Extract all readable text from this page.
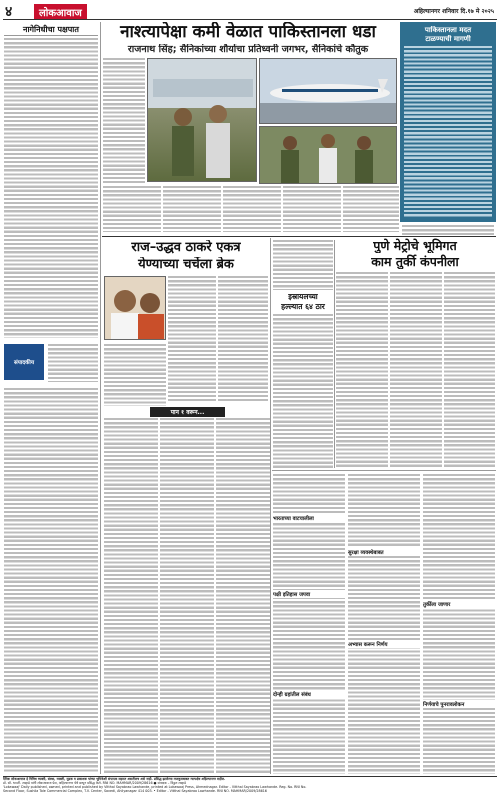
४	लोकआवाज	अहिल्यानगर शनिवार दि.१७ मे २०२५
नागेनिधीचा पक्षपात
संपादकीय
नाश्त्यापेक्षा कमी वेळात पाकिस्तानला धडा
राजनाथ सिंह; सैनिकांच्या शौर्याचा प्रतिध्वनी जगभर, सैनिकांचे कौतुक
पाकिस्तानला मदत
टाळण्याची मागणी
राज–उद्धव ठाकरे एकत्र
येण्याच्या चर्चेला ब्रेक
पान १ वरून...
इस्रायलच्या
हल्ल्यात ६४ ठार
पुणे मेट्रोचे भूमिगत
काम तुर्की कंपनीला
भारताच्या वाटचालीला
पक्षी इतिहास जपवा
सुरक्षा व्यवस्थेबाबत
अभ्यास करून निर्णय
दोन्ही ग्रहांतील संबंध
तुर्कीला जाणार
निर्णयाचे पुनरावलोकन
दैनिक लोकआवाज हे विविध व्यक्ती, संस्था, व्यक्ती, मुद्रक व प्रकाशक यांच्या भूमिकेशी संपादक सहमत असतीलच असे नाही. प्रसिद्ध झालेल्या मजकूराबाबत न्यायक्षेत्र अहिल्यानगर राहील.
डॉ. सौ. भारती. लव्हाडे यांनी लोकआवाज प्रेस, अहिल्यानगर येथे छापून प्रसिद्ध केले. RNI NO. MAHMAR/2009/28616 ● संपादक – विठ्ठल लव्हाडे
'Lokawaaj' Daily published, owned, printed and published by Vitthal Sayabrao Lawhande, printed at Lokawaaj Press, Ahmednagar. Editor - Vitthal Sayabrao Lawhande. Reg. No. RNI No.
Second Floor, Sushila Tole Commercial Complex, T.V. Center, Savedi, Ahilyanagar 414 003. • Editor - Vitthal Sayabrao Lawhande. RNI NO. MAHMAR/2009/28616
